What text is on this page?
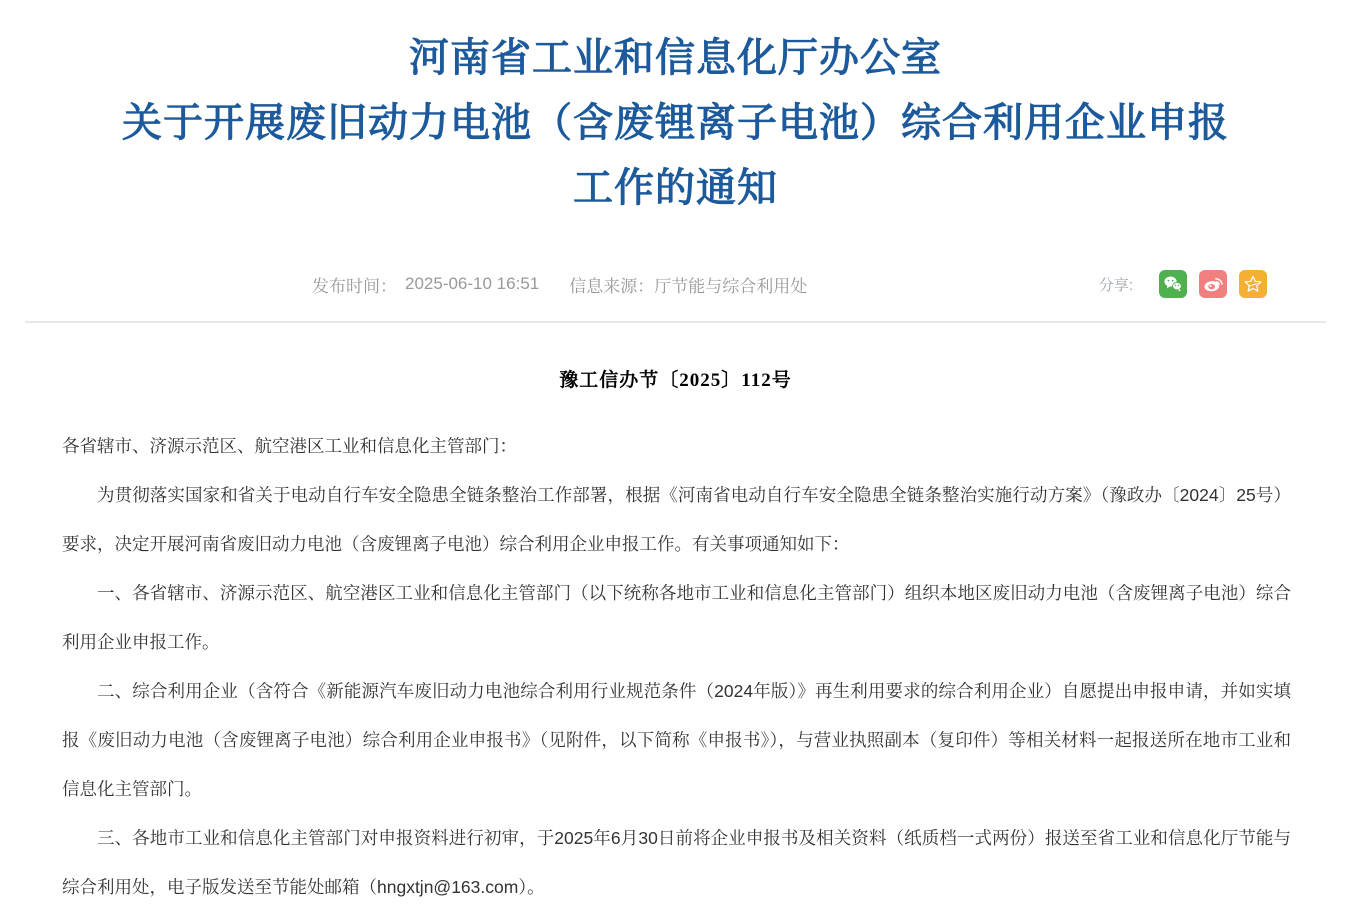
河南省工业和信息化厅办公室
关于开展废旧动力电池（含废锂离子电池）综合利用企业申报
工作的通知
发布时间： 2025-06-10 16:51 信息来源： 厅节能与综合利用处	分享:
豫工信办节〔2025〕112号

各省辖市、济源示范区、航空港区工业和信息化主管部门：

为贯彻落实国家和省关于电动自行车安全隐患全链条整治工作部署，根据《河南省电动自行车安全隐患全链条整治实施行动方案》（豫政办〔2024〕25号）要求，决定开展河南省废旧动力电池（含废锂离子电池）综合利用企业申报工作。有关事项通知如下：

一、各省辖市、济源示范区、航空港区工业和信息化主管部门（以下统称各地市工业和信息化主管部门）组织本地区废旧动力电池（含废锂离子电池）综合利用企业申报工作。

二、综合利用企业（含符合《新能源汽车废旧动力电池综合利用行业规范条件（2024年版）》再生利用要求的综合利用企业）自愿提出申报申请，并如实填报《废旧动力电池（含废锂离子电池）综合利用企业申报书》（见附件，以下简称《申报书》），与营业执照副本（复印件）等相关材料一起报送所在地市工业和信息化主管部门。

三、各地市工业和信息化主管部门对申报资料进行初审，于2025年6月30日前将企业申报书及相关资料（纸质档一式两份）报送至省工业和信息化厅节能与综合利用处，电子版发送至节能处邮箱（hngxtjn@163.com）。
